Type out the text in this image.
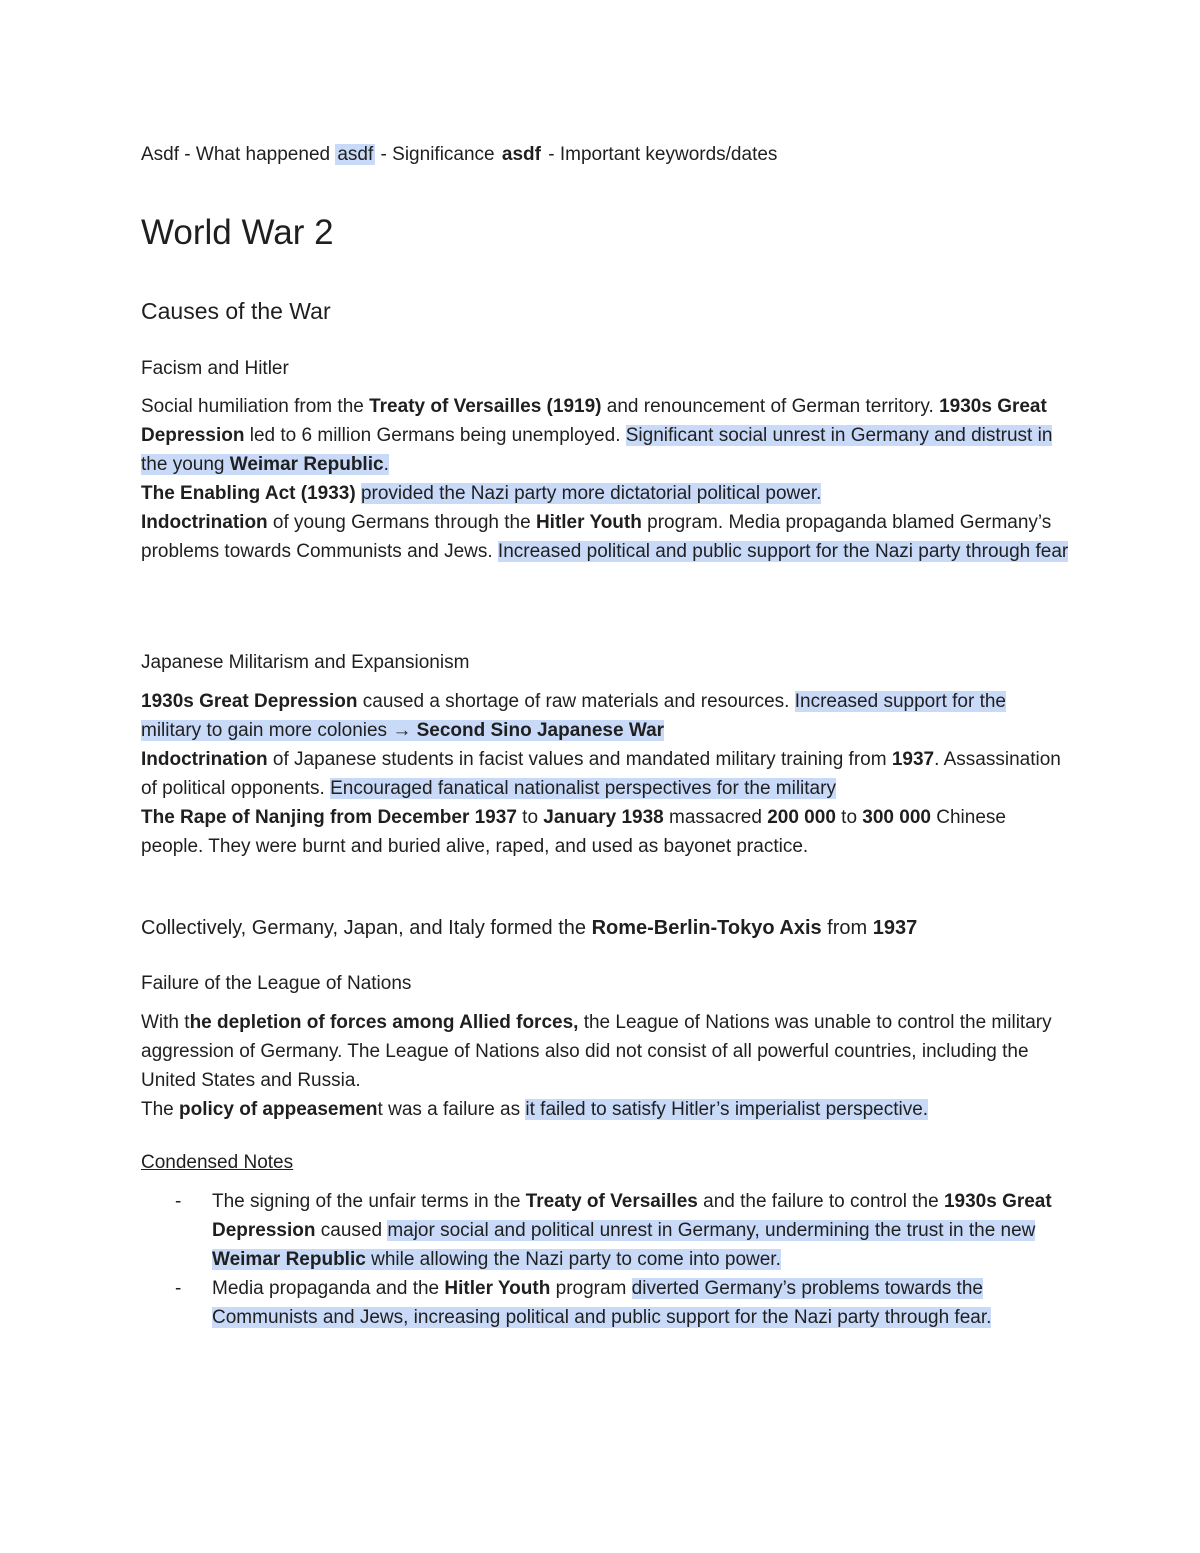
Asdf - What happened asdf - Significance asdf - Important keywords/dates
World War 2
Causes of the War
Facism and Hitler

Social humiliation from the Treaty of Versailles (1919) and renouncement of German territory. 1930s Great Depression led to 6 million Germans being unemployed. Significant social unrest in Germany and distrust in the young Weimar Republic.

The Enabling Act (1933) provided the Nazi party more dictatorial political power.

Indoctrination of young Germans through the Hitler Youth program. Media propaganda blamed Germany’s problems towards Communists and Jews. Increased political and public support for the Nazi party through fear

Japanese Militarism and Expansionism

1930s Great Depression caused a shortage of raw materials and resources. Increased support for the military to gain more colonies → Second Sino Japanese War

Indoctrination of Japanese students in facist values and mandated military training from 1937. Assassination of political opponents. Encouraged fanatical nationalist perspectives for the military

The Rape of Nanjing from December 1937 to January 1938 massacred 200 000 to 300 000 Chinese people. They were burnt and buried alive, raped, and used as bayonet practice.

Collectively, Germany, Japan, and Italy formed the Rome-Berlin-Tokyo Axis from 1937
Failure of the League of Nations

With the depletion of forces among Allied forces, the League of Nations was unable to control the military aggression of Germany. The League of Nations also did not consist of all powerful countries, including the United States and Russia.

The policy of appeasement was a failure as it failed to satisfy Hitler’s imperialist perspective.

Condensed Notes
- The signing of the unfair terms in the Treaty of Versailles and the failure to control the 1930s Great Depression caused major social and political unrest in Germany, undermining the trust in the new Weimar Republic while allowing the Nazi party to come into power.
- Media propaganda and the Hitler Youth program diverted Germany’s problems towards the Communists and Jews, increasing political and public support for the Nazi party through fear.
